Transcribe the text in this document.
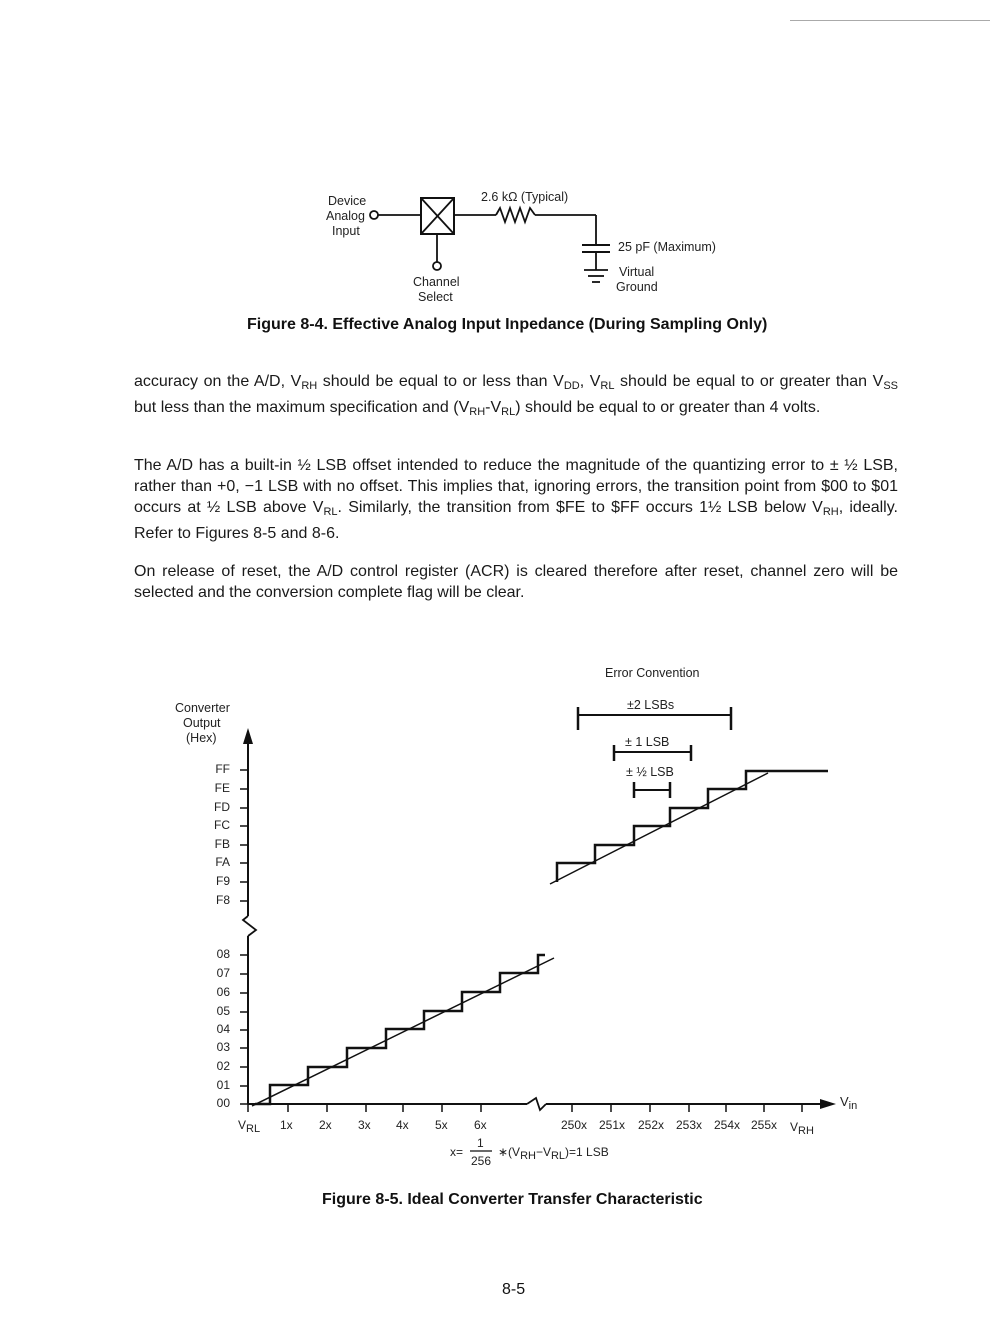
Device
Analog
Input
2.6 kΩ (Typical)
25 pF (Maximum)
Virtual
Ground
Channel
Select
Figure 8-4. Effective Analog Input Inpedance (During Sampling Only)
accuracy on the A/D, $V_{RH}$ should be equal to or less than $V_{DD}$, $V_{RL}$ should be equal to or greater than $V_{SS}$ but less than the maximum specification and $(V_{RH}-V_{RL})$ should be equal to or greater than 4 volts.
The A/D has a built-in ½ LSB offset intended to reduce the magnitude of the quantizing error to ± ½ LSB, rather than +0, −1 LSB with no offset. This implies that, ignoring errors, the transition point from $00 to $01 occurs at ½ LSB above $V_{RL}$. Similarly, the transition from $FE to $FF occurs 1½ LSB below $V_{RH}$, ideally. Refer to Figures 8-5 and 8-6.
On release of reset, the A/D control register (ACR) is cleared therefore after reset, channel zero will be selected and the conversion complete flag will be clear.
Converter
Output
(Hex)
FF
FE
FD
FC
FB
FA
F9
F8
08
07
06
05
04
03
02
01
00
$V_{RL}$ 1x 2x 3x 4x 5x 6x	250x 251x 252x 253x 254x 255x $V_{RH}$
$V_{in}$
Error Convention
±2 LSBs
± 1 LSB
± ½ LSB
x=
1
256
$∗(V_{RH}-V_{RL})=1$ LSB
Figure 8-5. Ideal Converter Transfer Characteristic
8-5
